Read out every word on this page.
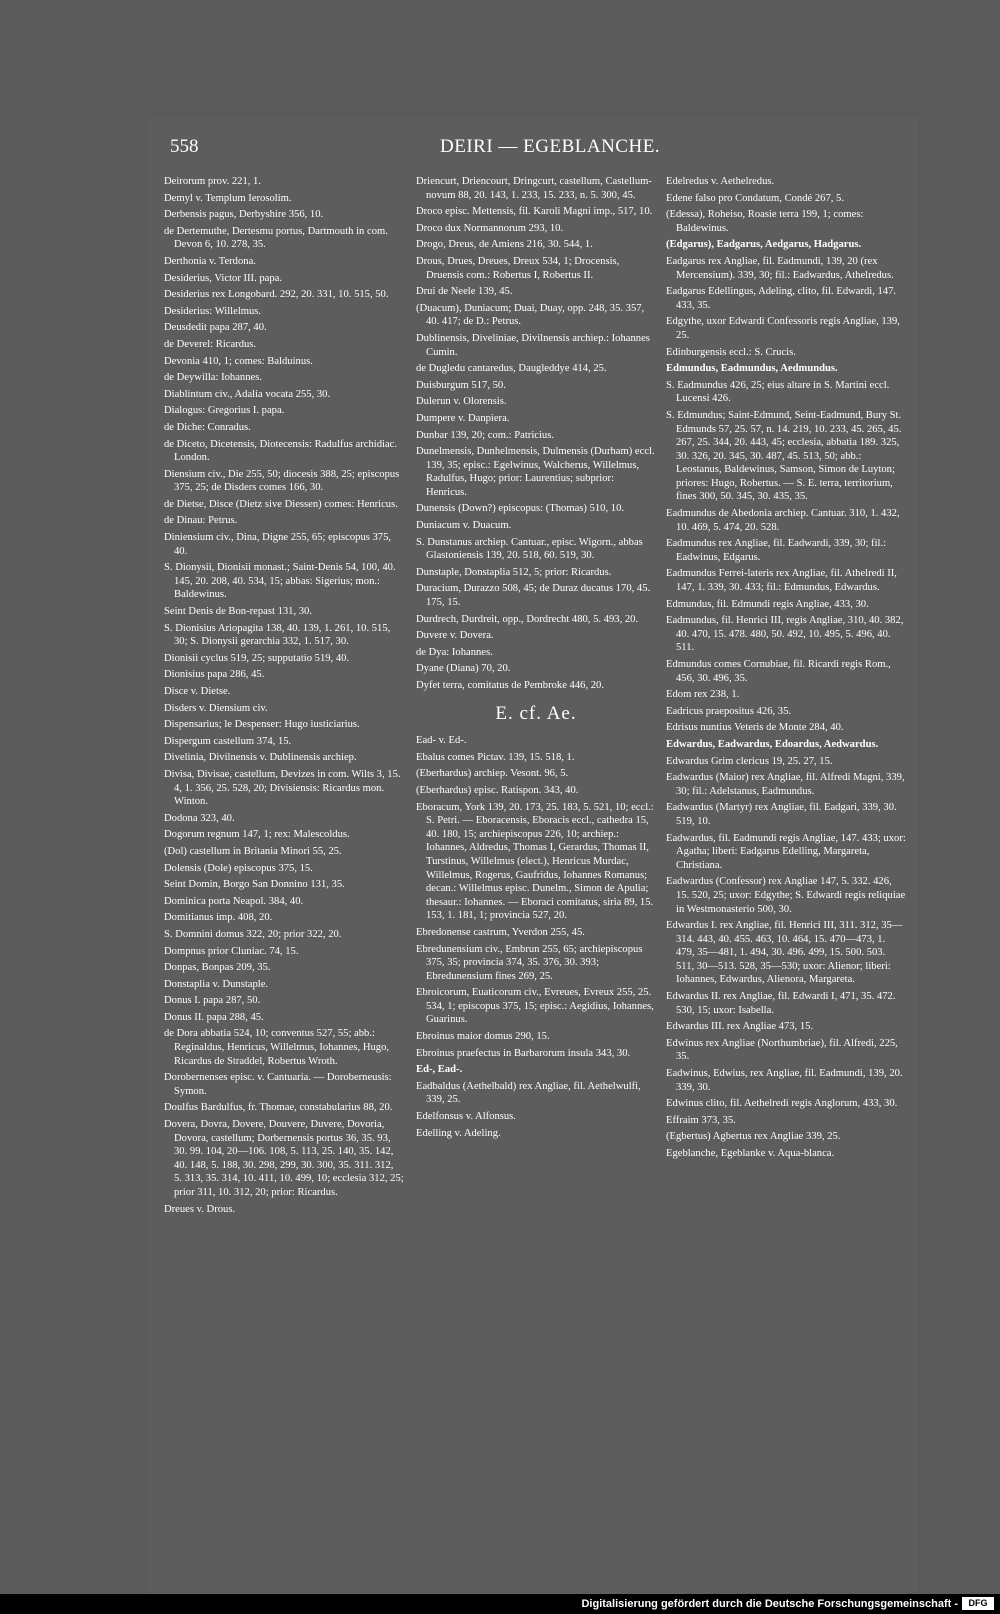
558	DEIRI — EGEBLANCHE.
Deirorum prov. 221, 1.
Demyl v. Templum Ierosolim.
Derbensis pagus, Derbyshire 356, 10.
de Dertemuthe, Dertesmu portus, Dartmouth in com. Devon 6, 10. 278, 35.
Derthonia v. Terdona.
Desiderius, Victor III. papa.
Desiderius rex Longobard. 292, 20. 331, 10. 515, 50.
Desiderius: Willelmus.
Deusdedit papa 287, 40.
de Deverel: Ricardus.
Devonia 410, 1; comes: Balduinus.
de Deywilla: Iohannes.
Diablintum civ., Adalia vocata 255, 30.
Dialogus: Gregorius I. papa.
de Diche: Conradus.
de Diceto, Dicetensis, Diotecensis: Radulfus archidiac. London.
Diensium civ., Die 255, 50; diocesis 388, 25; episcopus 375, 25; de Disders comes 166, 30.
de Dietse, Disce (Dietz sive Diessen) comes: Henricus.
de Dinau: Petrus.
Diniensium civ., Dina, Digne 255, 65; episcopus 375, 40.
S. Dionysii, Dionisii monast.; Saint-Denis 54, 100, 40. 145, 20. 208, 40. 534, 15; abbas: Sigerius; mon.: Baldewinus.
Seint Denis de Bon-repast 131, 30.
S. Dionisius Ariopagita 138, 40. 139, 1. 261, 10. 515, 30; S. Dionysii gerarchia 332, 1. 517, 30.
Dionisii cyclus 519, 25; supputatio 519, 40.
Dionisius papa 286, 45.
Disce v. Dietse.
Disders v. Diensium civ.
Dispensarius; le Despenser: Hugo iusticiarius.
Dispergum castellum 374, 15.
Divelinia, Divilnensis v. Dublinensis archiep.
Divisa, Divisae, castellum, Devizes in com. Wilts 3, 15. 4, 1. 356, 25. 528, 20; Divisiensis: Ricardus mon. Winton.
Dodona 323, 40.
Dogorum regnum 147, 1; rex: Malescoldus.
(Dol) castellum in Britania Minori 55, 25.
Dolensis (Dole) episcopus 375, 15.
Seint Domin, Borgo San Donnino 131, 35.
Dominica porta Neapol. 384, 40.
Domitianus imp. 408, 20.
S. Domnini domus 322, 20; prior 322, 20.
Dompnus prior Cluniac. 74, 15.
Donpas, Bonpas 209, 35.
Donstaplia v. Dunstaple.
Donus I. papa 287, 50.
Donus II. papa 288, 45.
de Dora abbatia 524, 10; conventus 527, 55; abb.: Reginaldus, Henricus, Willelmus, Iohannes, Hugo, Ricardus de Straddel, Robertus Wroth.
Dorobernenses episc. v. Cantuaria. — Doroberneusis: Symon.
Doulfus Bardulfus, fr. Thomae, constabularius 88, 20.
Dovera, Dovra, Dovere, Douvere, Duvere, Dovoria, Dovora, castellum; Dorbernensis portus 36, 35. 93, 30. 99. 104, 20—106. 108, 5. 113, 25. 140, 35. 142, 40. 148, 5. 188, 30. 298, 299, 30. 300, 35. 311. 312, 5. 313, 35. 314, 10. 411, 10. 499, 10; ecclesia 312, 25; prior 311, 10. 312, 20; prior: Ricardus.
Dreues v. Drous.
Driencurt, Driencourt, Dringcurt, castellum, Castellum-novum 88, 20. 143, 1. 233, 15. 233, n. 5. 300, 45.
Droco episc. Mettensis, fil. Karoli Magni imp., 517, 10.
Droco dux Normannorum 293, 10.
Drogo, Dreus, de Amiens 216, 30. 544, 1.
Drous, Drues, Dreues, Dreux 534, 1; Drocensis, Druensis com.: Robertus I, Robertus II.
Drui de Neele 139, 45.
(Duacum), Duniacum; Duai, Duay, opp. 248, 35. 357, 40. 417; de D.: Petrus.
Dublinensis, Diveliniae, Divilnensis archiep.: Iohannes Cumin.
de Dugledu cantaredus, Daugleddye 414, 25.
Duisburgum 517, 50.
Dulerun v. Olorensis.
Dumpere v. Danpiera.
Dunbar 139, 20; com.: Patricius.
Dunelmensis, Dunhelmensis, Dulmensis (Durham) eccl. 139, 35; episc.: Egelwinus, Walcherus, Willelmus, Radulfus, Hugo; prior: Laurentius; subprior: Henricus.
Dunensis (Down?) episcopus: (Thomas) 510, 10.
Duniacum v. Duacum.
S. Dunstanus archiep. Cantuar., episc. Wigorn., abbas Glastoniensis 139, 20. 518, 60. 519, 30.
Dunstaple, Donstaplia 512, 5; prior: Ricardus.
Duracium, Durazzo 508, 45; de Duraz ducatus 170, 45. 175, 15.
Durdrech, Durdreit, opp., Dordrecht 480, 5. 493, 20.
Duvere v. Dovera.
de Dya: Iohannes.
Dyane (Diana) 70, 20.
Dyfet terra, comitatus de Pembroke 446, 20.
E. cf. Ae.
Ead- v. Ed-.
Ebalus comes Pictav. 139, 15. 518, 1.
(Eberhardus) archiep. Vesont. 96, 5.
(Eberhardus) episc. Ratispon. 343, 40.
Eboracum, York 139, 20. 173, 25. 183, 5. 521, 10; eccl.: S. Petri. — Eboracensis, Eboracis eccl., cathedra 15, 40. 180, 15; archiepiscopus 226, 10; archiep.: Iohannes, Aldredus, Thomas I, Gerardus, Thomas II, Turstinus, Willelmus (elect.), Henricus Murdac, Willelmus, Rogerus, Gaufridus, Iohannes Romanus; decan.: Willelmus episc. Dunelm., Simon de Apulia; thesaur.: Iohannes. — Eboraci comitatus, siria 89, 15. 153, 1. 181, 1; provincia 527, 20.
Ebredonense castrum, Yverdon 255, 45.
Ebredunensium civ., Embrun 255, 65; archiepiscopus 375, 35; provincia 374, 35. 376, 30. 393; Ebredunensium fines 269, 25.
Ebroicorum, Euaticorum civ., Evreues, Evreux 255, 25. 534, 1; episcopus 375, 15; episc.: Aegidius, Iohannes, Guarinus.
Ebroinus maior domus 290, 15.
Ebroinus praefectus in Barbarorum insula 343, 30.
Ed-, Ead-.
Eadbaldus (Aethelbald) rex Angliae, fil. Aethelwulfi, 339, 25.
Edelfonsus v. Alfonsus.
Edelling v. Adeling.
Edelredus v. Aethelredus.
Edene falso pro Condatum, Condé 267, 5.
(Edessa), Roheiso, Roasie terra 199, 1; comes: Baldewinus.
(Edgarus), Eadgarus, Aedgarus, Hadgarus.
Eadgarus rex Angliae, fil. Eadmundi, 139, 20 (rex Mercensium). 339, 30; fil.: Eadwardus, Athelredus.
Eadgarus Edellingus, Adeling, clito, fil. Edwardi, 147. 433, 35.
Edgythe, uxor Edwardi Confessoris regis Angliae, 139, 25.
Edinburgensis eccl.: S. Crucis.
Edmundus, Eadmundus, Aedmundus.
S. Eadmundus 426, 25; eius altare in S. Martini eccl. Lucensi 426.
S. Edmundus; Saint-Edmund, Seint-Eadmund, Bury St. Edmunds 57, 25. 57, n. 14. 219, 10. 233, 45. 265, 45. 267, 25. 344, 20. 443, 45; ecclesia, abbatia 189. 325, 30. 326, 20. 345, 30. 487, 45. 513, 50; abb.: Leostanus, Baldewinus, Samson, Simon de Luyton; priores: Hugo, Robertus. — S. E. terra, territorium, fines 300, 50. 345, 30. 435, 35.
Eadmundus de Abedonia archiep. Cantuar. 310, 1. 432, 10. 469, 5. 474, 20. 528.
Eadmundus rex Angliae, fil. Eadwardi, 339, 30; fil.: Eadwinus, Edgarus.
Eadmundus Ferrei-lateris rex Angliae, fil. Athelredi II, 147, 1. 339, 30. 433; fil.: Edmundus, Edwardus.
Edmundus, fil. Edmundi regis Angliae, 433, 30.
Eadmundus, fil. Henrici III, regis Angliae, 310, 40. 382, 40. 470, 15. 478. 480, 50. 492, 10. 495, 5. 496, 40. 511.
Edmundus comes Cornubiae, fil. Ricardi regis Rom., 456, 30. 496, 35.
Edom rex 238, 1.
Eadricus praepositus 426, 35.
Edrisus nuntius Veteris de Monte 284, 40.
Edwardus, Eadwardus, Edoardus, Aedwardus.
Edwardus Grim clericus 19, 25. 27, 15.
Eadwardus (Maior) rex Angliae, fil. Alfredi Magni, 339, 30; fil.: Adelstanus, Eadmundus.
Eadwardus (Martyr) rex Angliae, fil. Eadgari, 339, 30. 519, 10.
Eadwardus, fil. Eadmundi regis Angliae, 147. 433; uxor: Agatha; liberi: Eadgarus Edelling, Margareta, Christiana.
Eadwardus (Confessor) rex Angliae 147, 5. 332. 426, 15. 520, 25; uxor: Edgythe; S. Edwardi regis reliquiae in Westmonasterio 500, 30.
Edwardus I. rex Angliae, fil. Henrici III, 311. 312, 35—314. 443, 40. 455. 463, 10. 464, 15. 470—473, 1. 479, 35—481, 1. 494, 30. 496. 499, 15. 500. 503. 511, 30—513. 528, 35—530; uxor: Alienor; liberi: Iohannes, Edwardus, Alienora, Margareta.
Edwardus II. rex Angliae, fil. Edwardi I, 471, 35. 472. 530, 15; uxor: Isabella.
Edwardus III. rex Angliae 473, 15.
Edwinus rex Angliae (Northumbriae), fil. Alfredi, 225, 35.
Eadwinus, Edwius, rex Angliae, fil. Eadmundi, 139, 20. 339, 30.
Edwinus clito, fil. Aethelredi regis Anglorum, 433, 30.
Effraim 373, 35.
(Egbertus) Agbertus rex Angliae 339, 25.
Egeblanche, Egeblanke v. Aqua-blanca.
Digitalisierung gefördert durch die Deutsche Forschungsgemeinschaft -	DFG
